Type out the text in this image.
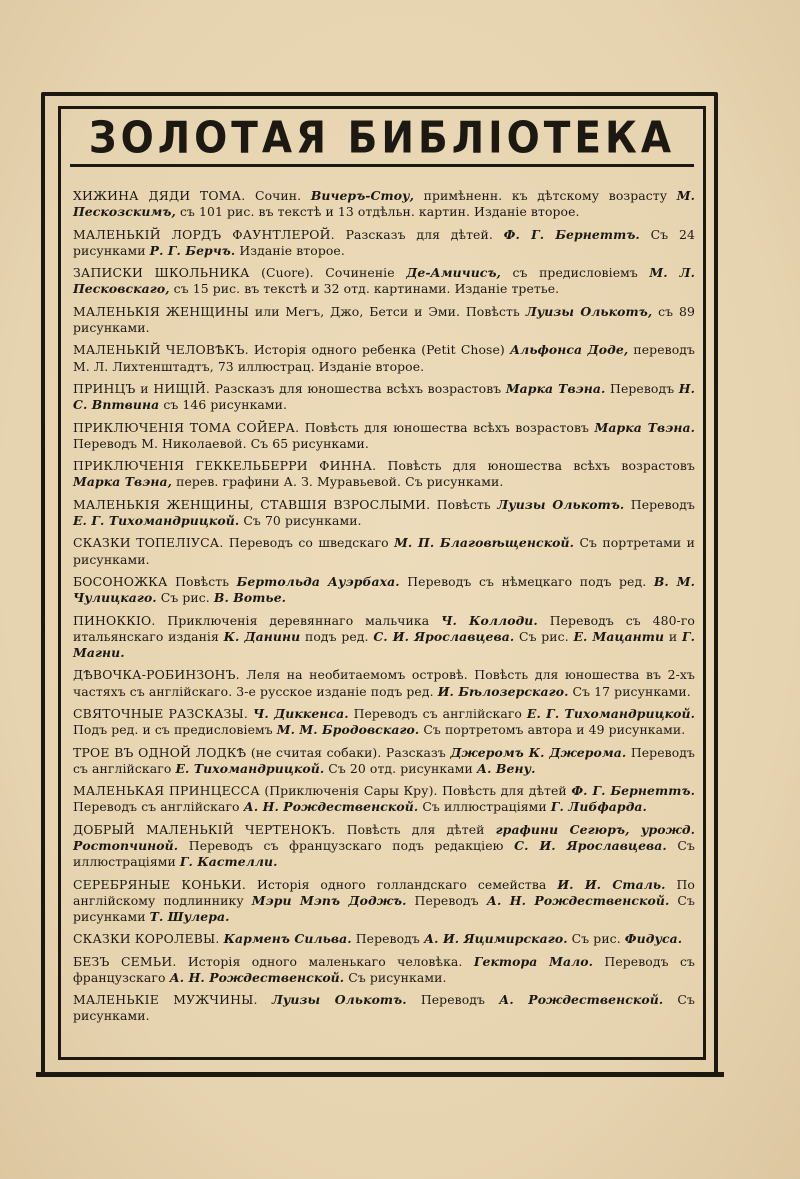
ЗОЛОТАЯ БИБЛІОТЕКА
ХИЖИНА ДЯДИ ТОМА. Сочин. Вичеръ-Стоу, примѣненн. къ дѣтскому возрасту М. Пескозскимъ, съ 101 рис. въ текстѣ и 13 отдѣльн. картин. Изданіе второе.
МАЛЕНЬКІЙ ЛОРДЪ ФАУНТЛЕРОЙ. Разсказъ для дѣтей. Ф. Г. Бернеттъ. Съ 24 рисунками Р. Г. Берчъ. Изданіе второе.
ЗАПИСКИ ШКОЛЬНИКА (Cuore). Сочиненіе Де-Амичисъ, съ предисловіемъ М. Л. Песковскаго, съ 15 рис. въ текстѣ и 32 отд. картинами. Изданіе третье.
МАЛЕНЬКІЯ ЖЕНЩИНЫ или Мегъ, Джо, Бетси и Эми. Повѣсть Луизы Олькотъ, съ 89 рисунками.
МАЛЕНЬКІЙ ЧЕЛОВѢКЪ. Исторія одного ребенка (Petit Chose) Альфонса Доде, переводъ М. Л. Лихтенштадтъ, 73 иллюстрац. Изданіе второе.
ПРИНЦЪ и НИЩІЙ. Разсказъ для юношества всѣхъ возрастовъ Марка Твэна. Переводъ Н. С. Вптвина съ 146 рисунками.
ПРИКЛЮЧЕНІЯ ТОМА СОЙЕРА. Повѣсть для юношества всѣхъ возрастовъ Марка Твэна. Переводъ М. Николаевой. Съ 65 рисунками.
ПРИКЛЮЧЕНІЯ ГЕККЕЛЬБЕРРИ ФИННА. Повѣсть для юношества всѣхъ возрастовъ Марка Твэна, перев. графини А. З. Муравьевой. Съ рисунками.
МАЛЕНЬКІЯ ЖЕНЩИНЫ, СТАВШІЯ ВЗРОСЛЫМИ. Повѣсть Луизы Олькотъ. Переводъ Е. Г. Тихомандрицкой. Съ 70 рисунками.
СКАЗКИ ТОПЕЛІУСА. Переводъ со шведскаго М. П. Благовѣщенской. Съ портретами и рисунками.
БОСОНОЖКА Повѣсть Бертольда Ауэрбаха. Переводъ съ нѣмецкаго подъ ред. В. М. Чулицкаго. Съ рис. В. Вотье.
ПИНОККІО. Приключенія деревяннаго мальчика Ч. Коллоди. Переводъ съ 480-го итальянскаго изданія К. Данини подъ ред. С. И. Ярославцева. Съ рис. Е. Мацанти и Г. Магни.
ДѢВОЧКА-РОБИНЗОНЪ. Леля на необитаемомъ островѣ. Повѣсть для юношества въ 2-хъ частяхъ съ англійскаго. 3-е русское изданіе подъ ред. И. Бѣлозерскаго. Съ 17 рисунками.
СВЯТОЧНЫЕ РАЗСКАЗЫ. Ч. Диккенса. Переводъ съ англійскаго Е. Г. Тихомандрицкой. Подъ ред. и съ предисловіемъ М. М. Бродовскаго. Съ портретомъ автора и 49 рисунками.
ТРОЕ ВЪ ОДНОЙ ЛОДКѢ (не считая собаки). Разсказъ Джеромъ К. Джерома. Переводъ съ англійскаго Е. Тихомандрицкой. Съ 20 отд. рисунками А. Вену.
МАЛЕНЬКАЯ ПРИНЦЕССА (Приключенія Сары Кру). Повѣсть для дѣтей Ф. Г. Бернеттъ. Переводъ съ англійскаго А. Н. Рождественской. Съ иллюстраціями Г. Либфарда.
ДОБРЫЙ МАЛЕНЬКІЙ ЧЕРТЕНОКЪ. Повѣсть для дѣтей графини Сегюръ, урожд. Ростопчиной. Переводъ съ французскаго подъ редакціею С. И. Ярославцева. Съ иллюстраціями Г. Кастелли.
СЕРЕБРЯНЫЕ КОНЬКИ. Исторія одного голландскаго семейства И. И. Сталь. По англійскому подлиннику Мэри Мэпъ Доджъ. Переводъ А. Н. Рождественской. Съ рисунками Т. Шулера.
СКАЗКИ КОРОЛЕВЫ. Карменъ Сильва. Переводъ А. И. Яцимирскаго. Съ рис. Фидуса.
БЕЗЪ СЕМЬИ. Исторія одного маленькаго человѣка. Гектора Мало. Переводъ съ французскаго А. Н. Рождественской. Съ рисунками.
МАЛЕНЬКІЕ МУЖЧИНЫ. Луизы Олькотъ. Переводъ А. Рождественской. Съ рисунками.
